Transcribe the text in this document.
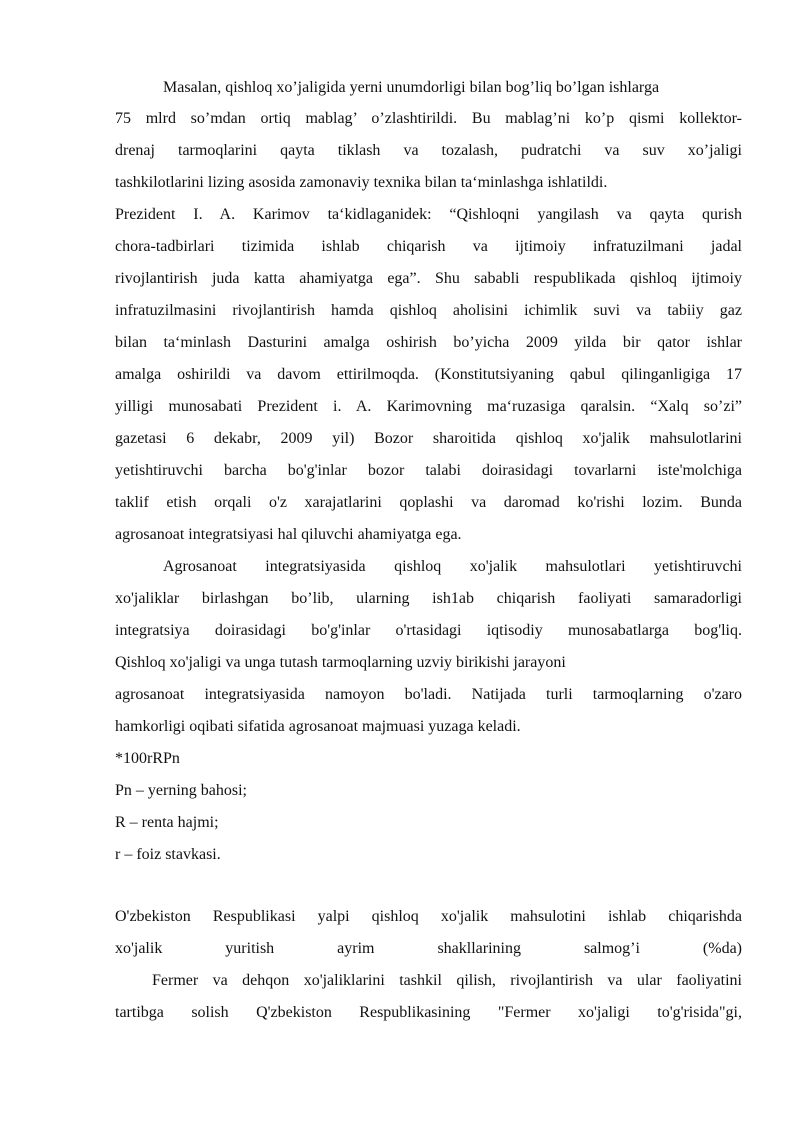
Masalan, qishloq xo’jaligida yerni unumdorligi bilan bog’liq bo’lgan ishlarga
75 mlrd so’mdan ortiq mablag’ o’zlashtirildi. Bu mablag’ni ko’p qismi kollektor-
drenaj tarmoqlarini qayta tiklash va tozalash, pudratchi va suv xo’jaligi
tashkilotlarini lizing asosida zamonaviy texnika bilan ta‘minlashga ishlatildi.
Prezident I. A. Karimov ta‘kidlaganidek: “Qishloqni yangilash va qayta qurish
chora-tadbirlari tizimida ishlab chiqarish va ijtimoiy infratuzilmani jadal
rivojlantirish juda katta ahamiyatga ega”. Shu sababli respublikada qishloq ijtimoiy
infratuzilmasini rivojlantirish hamda qishloq aholisini ichimlik suvi va tabiiy gaz
bilan ta‘minlash Dasturini amalga oshirish bo’yicha 2009 yilda bir qator ishlar
amalga oshirildi va davom ettirilmoqda. (Konstitutsiyaning qabul qilinganligiga 17
yilligi munosabati Prezident i. A. Karimovning ma‘ruzasiga qaralsin. “Xalq so’zi”
gazetasi 6 dekabr, 2009 yil) Bozor sharoitida qishloq xo'jalik mahsulotlarini
yetishtiruvchi barcha bo'g'inlar bozor talabi doirasidagi tovarlarni iste'molchiga
taklif etish orqali o'z xarajatlarini qoplashi va daromad ko'rishi lozim. Bunda
agrosanoat integratsiyasi hal qiluvchi ahamiyatga ega.
Agrosanoat integratsiyasida qishloq xo'jalik mahsulotlari yetishtiruvchi
xo'jaliklar birlashgan bo’lib, ularning ish1ab chiqarish faoliyati samaradorligi
integratsiya doirasidagi bo'g'inlar o'rtasidagi iqtisodiy munosabatlarga bog'liq.
Qishloq xo'jaligi va unga tutash tarmoqlarning uzviy birikishi jarayoni
agrosanoat integratsiyasida namoyon bo'ladi. Natijada turli tarmoqlarning o'zaro
hamkorligi oqibati sifatida agrosanoat majmuasi yuzaga keladi.
*100rRPn
Pn – yerning bahosi;
R – renta hajmi;
r – foiz stavkasi.
O'zbekiston Respublikasi yalpi qishloq xo'jalik mahsulotini ishlab chiqarishda
xo'jalik yuritish ayrim shakllarining salmog’i (%da)
Fermer va dehqon xo'jaliklarini tashkil qilish, rivojlantirish va ular faoliyatini
tartibga solish Q'zbekiston Respublikasining "Fermer xo'jaligi to'g'risida"gi,
